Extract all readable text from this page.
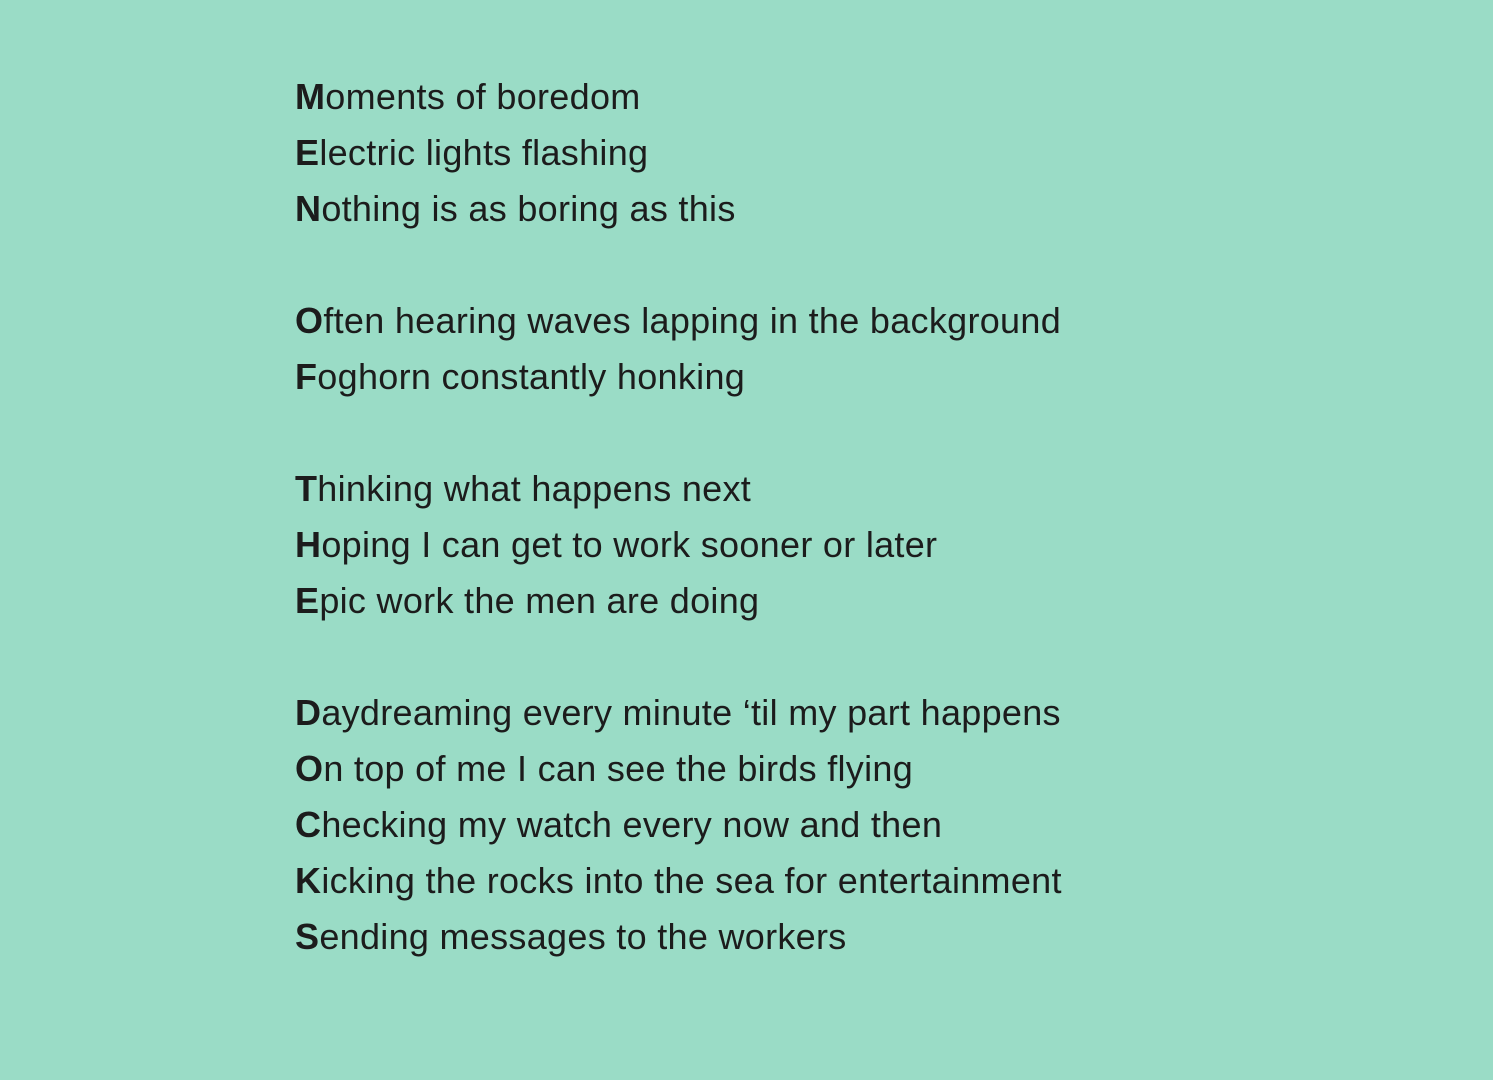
Moments of boredom

Electric lights flashing

Nothing is as boring as this

Often hearing waves lapping in the background

Foghorn constantly honking

Thinking what happens next

Hoping I can get to work sooner or later

Epic work the men are doing

Daydreaming every minute ‘til my part happens

On top of me I can see the birds flying

Checking my watch every now and then

Kicking the rocks into the sea for entertainment

Sending messages to the workers
